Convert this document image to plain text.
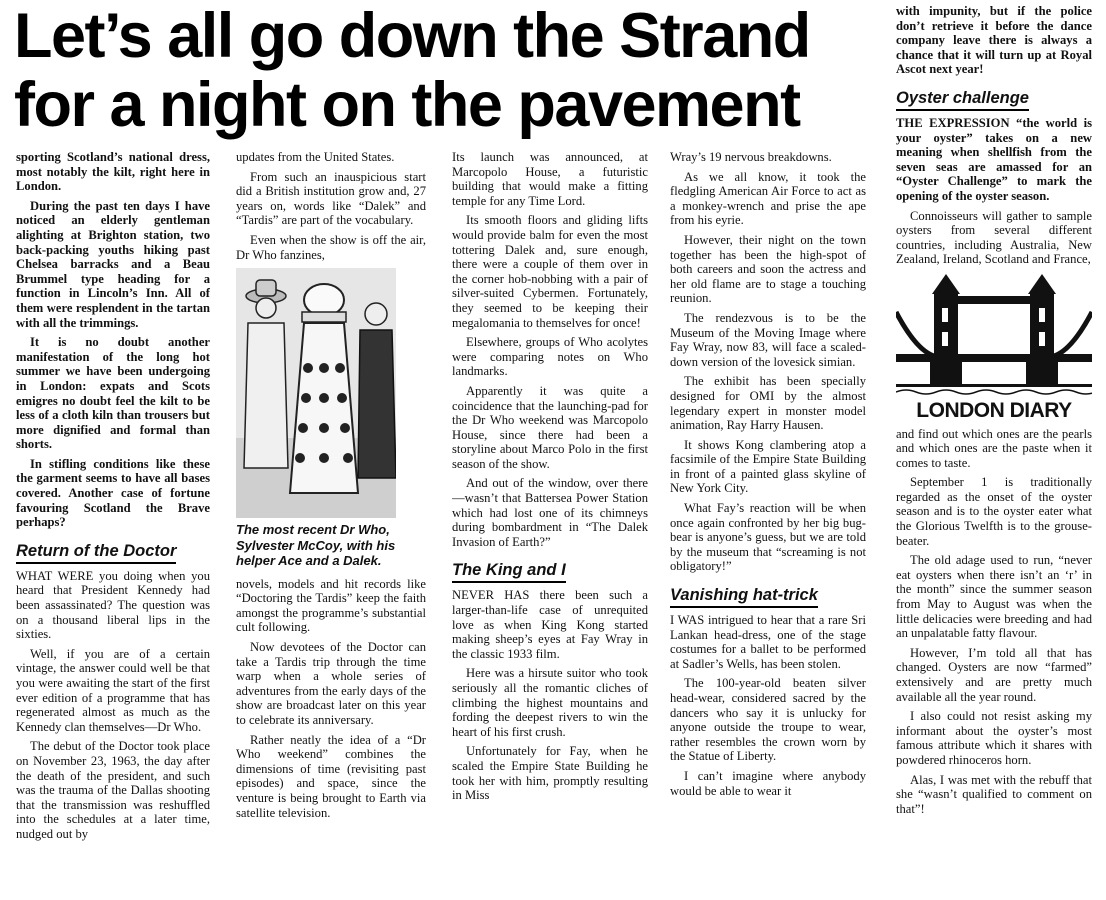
Let’s all go down the Strand
for a night on the pavement

sporting Scotland’s national dress, most notably the kilt, right here in London.

During the past ten days I have noticed an elderly gentleman alighting at Brighton station, two back-packing youths hiking past Chelsea barracks and a Beau Brummel type heading for a function in Lincoln’s Inn. All of them were resplendent in the tartan with all the trimmings.

It is no doubt another manifestation of the long hot summer we have been undergoing in London: expats and Scots emigres no doubt feel the kilt to be less of a cloth kiln than trousers but more dignified and formal than shorts.

In stifling conditions like these the garment seems to have all bases covered. Another case of fortune favouring Scotland the Brave perhaps?

Return of the Doctor

WHAT WERE you doing when you heard that President Kennedy had been assassinated? The question was on a thousand liberal lips in the sixties.

Well, if you are of a certain vintage, the answer could well be that you were awaiting the start of the first ever edition of a programme that has regenerated almost as much as the Kennedy clan themselves—Dr Who.

The debut of the Doctor took place on November 23, 1963, the day after the death of the president, and such was the trauma of the Dallas shooting that the transmission was reshuffled into the schedules at a later time, nudged out by

updates from the United States.

From such an inauspicious start did a British institution grow and, 27 years on, words like “Dalek” and “Tardis” are part of the vocabulary.

Even when the show is off the air, Dr Who fanzines,

The most recent Dr Who, Sylvester McCoy, with his helper Ace and a Dalek.

novels, models and hit records like “Doctoring the Tardis” keep the faith amongst the programme’s substantial cult following.

Now devotees of the Doctor can take a Tardis trip through the time warp when a whole series of adventures from the early days of the show are broadcast later on this year to celebrate its anniversary.

Rather neatly the idea of a “Dr Who weekend” combines the dimensions of time (revisiting past episodes) and space, since the venture is being brought to Earth via satellite television.

Its launch was announced, at Marcopolo House, a futuristic building that would make a fitting temple for any Time Lord.

Its smooth floors and gliding lifts would provide balm for even the most tottering Dalek and, sure enough, there were a couple of them over in the corner hob-nobbing with a pair of silver-suited Cybermen. Fortunately, they seemed to be keeping their megalomania to themselves for once!

Elsewhere, groups of Who acolytes were comparing notes on Who landmarks.

Apparently it was quite a coincidence that the launching-pad for the Dr Who weekend was Marcopolo House, since there had been a storyline about Marco Polo in the first season of the show.

And out of the window, over there—wasn’t that Battersea Power Station which had lost one of its chimneys during bombardment in “The Dalek Invasion of Earth?”

The King and I

NEVER HAS there been such a larger-than-life case of unrequited love as when King Kong started making sheep’s eyes at Fay Wray in the classic 1933 film.

Here was a hirsute suitor who took seriously all the romantic cliches of climbing the highest mountains and fording the deepest rivers to win the heart of his first crush.

Unfortunately for Fay, when he scaled the Empire State Building he took her with him, promptly resulting in Miss

Wray’s 19 nervous breakdowns.

As we all know, it took the fledgling American Air Force to act as a monkey-wrench and prise the ape from his eyrie.

However, their night on the town together has been the high-spot of both careers and soon the actress and her old flame are to stage a touching reunion.

The rendezvous is to be the Museum of the Moving Image where Fay Wray, now 83, will face a scaled-down version of the lovesick simian.

The exhibit has been specially designed for OMI by the almost legendary expert in monster model animation, Ray Harry Hausen.

It shows Kong clambering atop a facsimile of the Empire State Building in front of a painted glass skyline of New York City.

What Fay’s reaction will be when once again confronted by her big bug-bear is anyone’s guess, but we are told by the museum that “screaming is not obligatory!”

Vanishing hat-trick

I WAS intrigued to hear that a rare Sri Lankan head-dress, one of the stage costumes for a ballet to be performed at Sadler’s Wells, has been stolen.

The 100-year-old beaten silver head-wear, considered sacred by the dancers who say it is unlucky for anyone outside the troupe to wear, rather resembles the crown worn by the Statue of Liberty.

I can’t imagine where anybody would be able to wear it

with impunity, but if the police don’t retrieve it before the dance company leave there is always a chance that it will turn up at Royal Ascot next year!

Oyster challenge

THE EXPRESSION “the world is your oyster” takes on a new meaning when shellfish from the seven seas are amassed for an “Oyster Challenge” to mark the opening of the oyster season.

Connoisseurs will gather to sample oysters from several different countries, including Australia, New Zealand, Ireland, Scotland and France,

LONDON DIARY

and find out which ones are the pearls and which ones are the paste when it comes to taste.

September 1 is traditionally regarded as the onset of the oyster season and is to the oyster eater what the Glorious Twelfth is to the grouse-beater.

The old adage used to run, “never eat oysters when there isn’t an ‘r’ in the month” since the summer season from May to August was when the little delicacies were breeding and had an unpalatable fatty flavour.

However, I’m told all that has changed. Oysters are now “farmed” extensively and are pretty much available all the year round.

I also could not resist asking my informant about the oyster’s most famous attribute which it shares with powdered rhinoceros horn.

Alas, I was met with the rebuff that she “wasn’t qualified to comment on that”!
